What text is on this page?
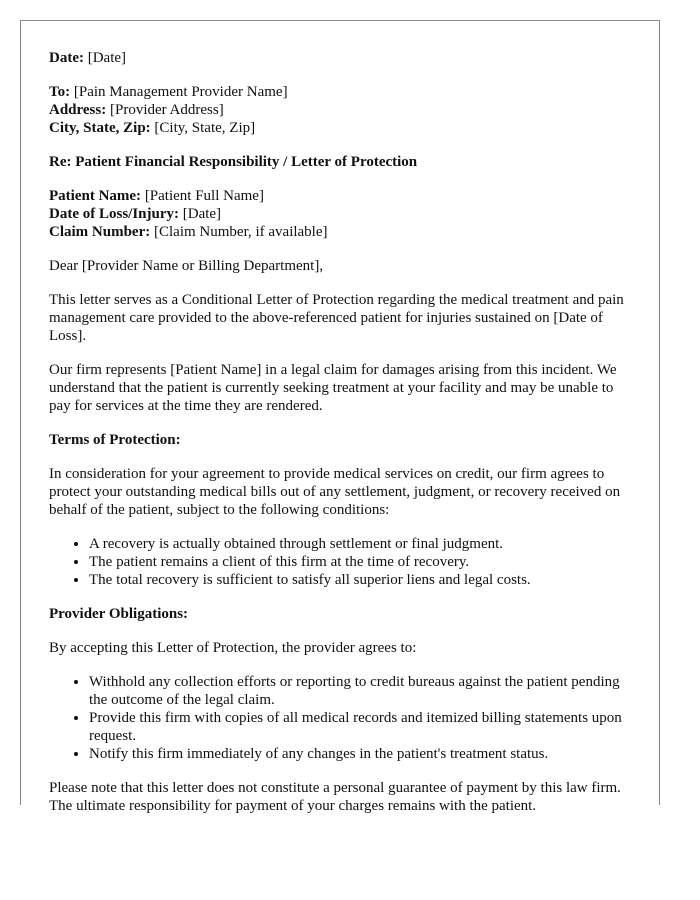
Date: [Date]

To: [Pain Management Provider Name]
Address: [Provider Address]
City, State, Zip: [City, State, Zip]

Re: Patient Financial Responsibility / Letter of Protection

Patient Name: [Patient Full Name]
Date of Loss/Injury: [Date]
Claim Number: [Claim Number, if available]

Dear [Provider Name or Billing Department],

This letter serves as a Conditional Letter of Protection regarding the medical treatment and pain management care provided to the above-referenced patient for injuries sustained on [Date of Loss].

Our firm represents [Patient Name] in a legal claim for damages arising from this incident. We understand that the patient is currently seeking treatment at your facility and may be unable to pay for services at the time they are rendered.

Terms of Protection:

In consideration for your agreement to provide medical services on credit, our firm agrees to protect your outstanding medical bills out of any settlement, judgment, or recovery received on behalf of the patient, subject to the following conditions:

• A recovery is actually obtained through settlement or final judgment.
• The patient remains a client of this firm at the time of recovery.
• The total recovery is sufficient to satisfy all superior liens and legal costs.

Provider Obligations:

By accepting this Letter of Protection, the provider agrees to:

• Withhold any collection efforts or reporting to credit bureaus against the patient pending the outcome of the legal claim.
• Provide this firm with copies of all medical records and itemized billing statements upon request.
• Notify this firm immediately of any changes in the patient's treatment status.

Please note that this letter does not constitute a personal guarantee of payment by this law firm. The ultimate responsibility for payment of your charges remains with the patient.
